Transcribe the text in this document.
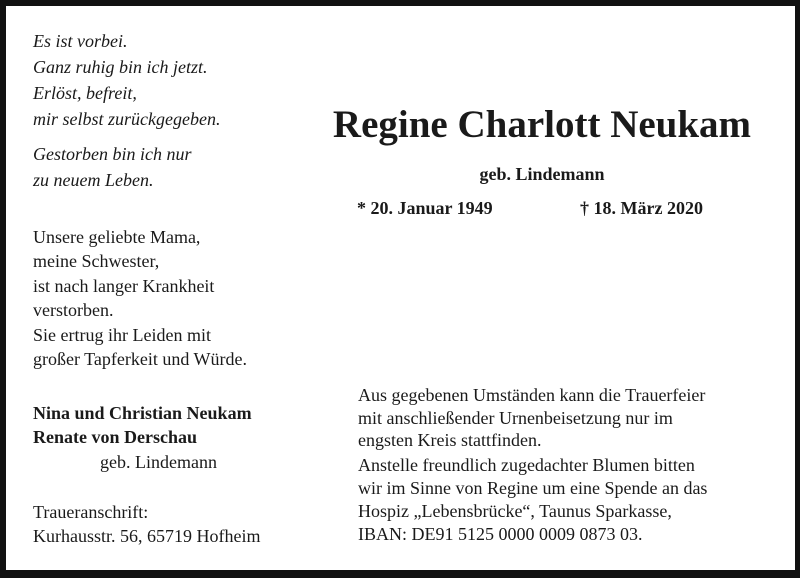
Es ist vorbei.
Ganz ruhig bin ich jetzt.
Erlöst, befreit,
mir selbst zurückgegeben.
Gestorben bin ich nur
zu neuem Leben.
Regine Charlott Neukam
geb. Lindemann
* 20. Januar 1949	† 18. März 2020
Unsere geliebte Mama,
meine Schwester,
ist nach langer Krankheit
verstorben.
Sie ertrug ihr Leiden mit
großer Tapferkeit und Würde.
Nina und Christian Neukam
Renate von Derschau
geb. Lindemann
Traueranschrift:
Kurhausstr. 56, 65719 Hofheim
Aus gegebenen Umständen kann die Trauerfeier
mit anschließender Urnenbeisetzung nur im
engsten Kreis stattfinden.
Anstelle freundlich zugedachter Blumen bitten
wir im Sinne von Regine um eine Spende an das
Hospiz „Lebensbrücke“, Taunus Sparkasse,
IBAN: DE91 5125 0000 0009 0873 03.
